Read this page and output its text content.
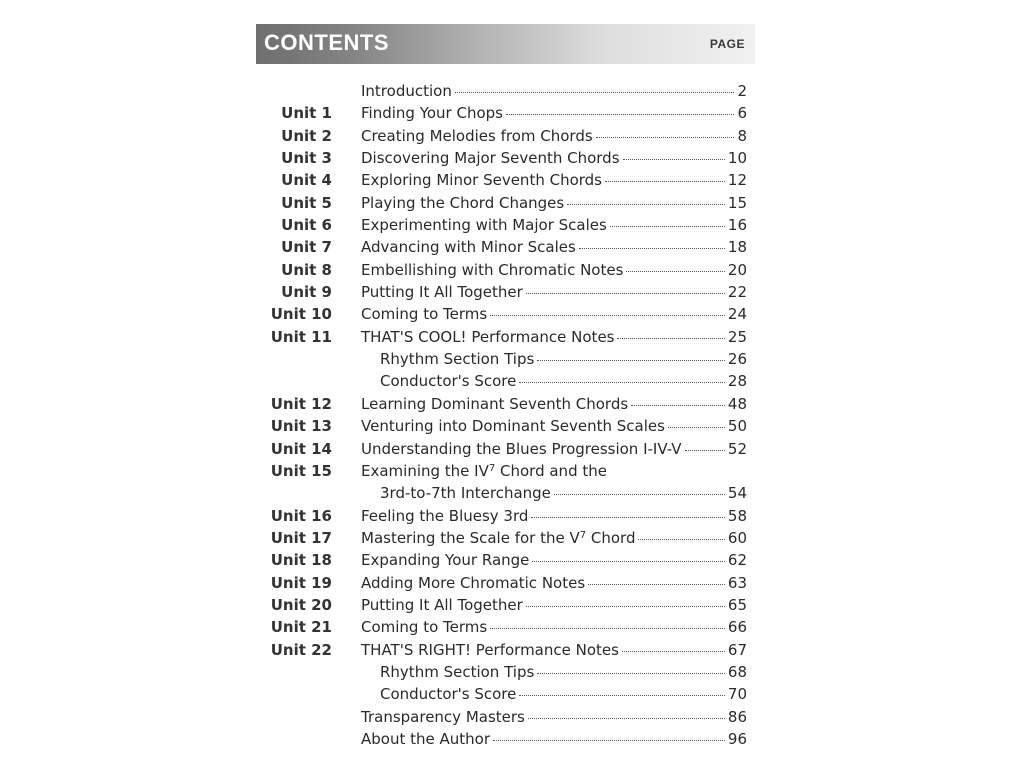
CONTENTS	PAGE
Introduction	2
Unit 1 Finding Your Chops	6
Unit 2 Creating Melodies from Chords	8
Unit 3 Discovering Major Seventh Chords	10
Unit 4 Exploring Minor Seventh Chords	12
Unit 5 Playing the Chord Changes	15
Unit 6 Experimenting with Major Scales	16
Unit 7 Advancing with Minor Scales	18
Unit 8 Embellishing with Chromatic Notes	20
Unit 9 Putting It All Together	22
Unit 10 Coming to Terms	24
Unit 11 THAT'S COOL! Performance Notes	25
Rhythm Section Tips	26
Conductor's Score	28
Unit 12 Learning Dominant Seventh Chords	48
Unit 13 Venturing into Dominant Seventh Scales	50
Unit 14 Understanding the Blues Progression I-IV-V	52
Unit 15 Examining the $IV^7$ Chord and the
3rd-to-7th Interchange	54
Unit 16 Feeling the Bluesy 3rd	58
Unit 17 Mastering the Scale for the $V^7$ Chord	60
Unit 18 Expanding Your Range	62
Unit 19 Adding More Chromatic Notes	63
Unit 20 Putting It All Together	65
Unit 21 Coming to Terms	66
Unit 22 THAT'S RIGHT! Performance Notes	67
Rhythm Section Tips	68
Conductor's Score	70
Transparency Masters	86
About the Author	96
